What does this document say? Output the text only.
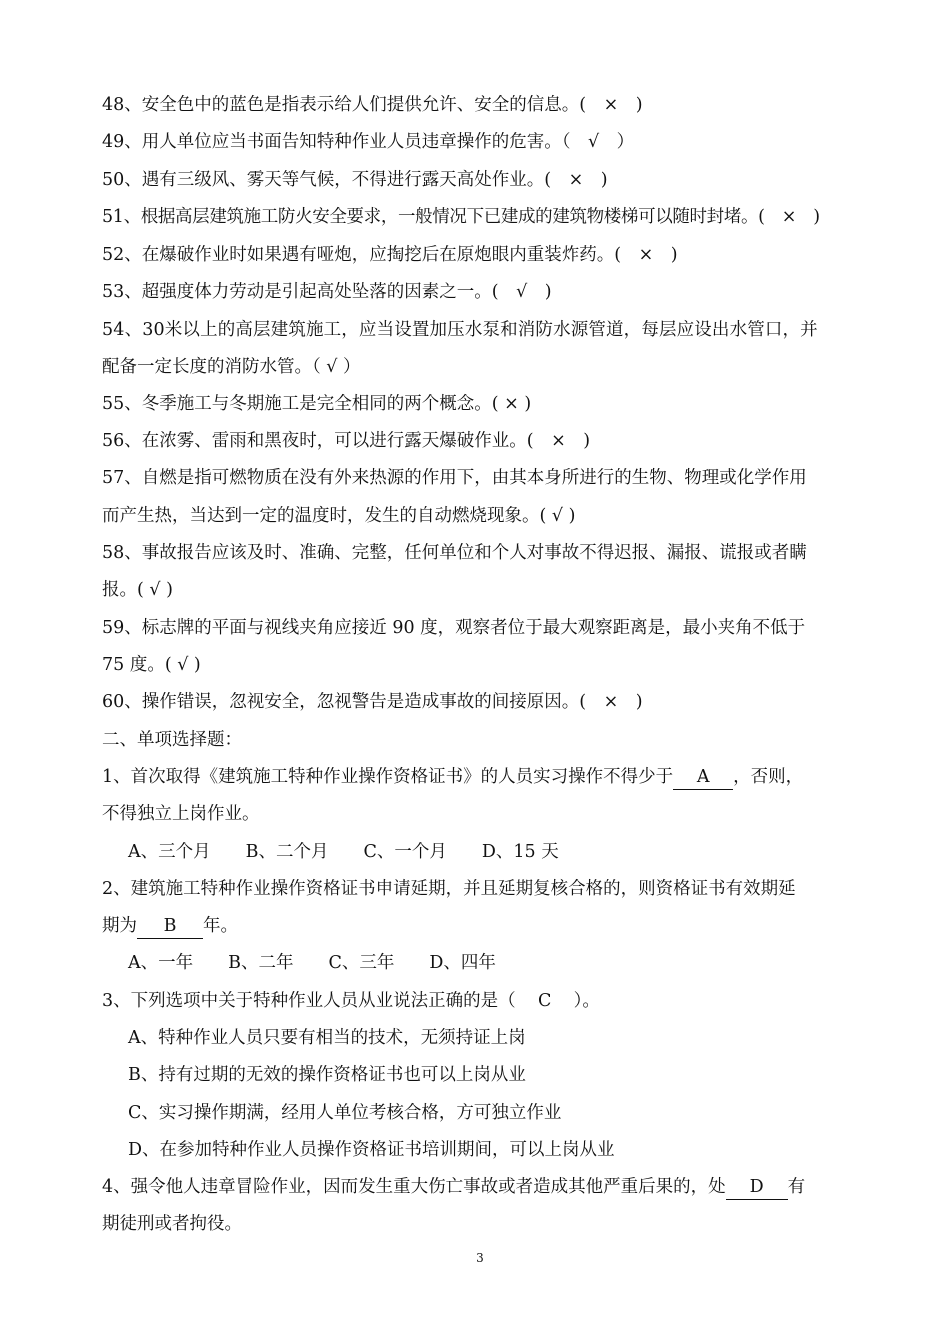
48、安全色中的蓝色是指表示给人们提供允许、安全的信息。(　×　)
49、用人单位应当书面告知特种作业人员违章操作的危害。（　√　）
50、遇有三级风、雾天等气候，不得进行露天高处作业。(　×　)
51、根据高层建筑施工防火安全要求，一般情况下已建成的建筑物楼梯可以随时封堵。(　×　)
52、在爆破作业时如果遇有哑炮，应掏挖后在原炮眼内重装炸药。(　×　)
53、超强度体力劳动是引起高处坠落的因素之一。(　√　)
54、30米以上的高层建筑施工，应当设置加压水泵和消防水源管道，每层应设出水管口，并
配备一定长度的消防水管。（ √ ）
55、冬季施工与冬期施工是完全相同的两个概念。( × )
56、在浓雾、雷雨和黑夜时，可以进行露天爆破作业。(　×　)
57、自燃是指可燃物质在没有外来热源的作用下，由其本身所进行的生物、物理或化学作用
而产生热，当达到一定的温度时，发生的自动燃烧现象。( √ )
58、事故报告应该及时、准确、完整，任何单位和个人对事故不得迟报、漏报、谎报或者瞒
报。( √ )
59、标志牌的平面与视线夹角应接近 90 度，观察者位于最大观察距离是，最小夹角不低于
75 度。( √ )
60、操作错误，忽视安全，忽视警告是造成事故的间接原因。(　×　)
二、单项选择题：
1、首次取得《建筑施工特种作业操作资格证书》的人员实习操作不得少于 A ，否则，
不得独立上岗作业。
A、三个月　　B、二个月　　C、一个月　　D、15 天
2、建筑施工特种作业操作资格证书申请延期，并且延期复核合格的，则资格证书有效期延
期为 B 年。
A、一年　　B、二年　　C、三年　　D、四年
3、下列选项中关于特种作业人员从业说法正确的是（ C ）。
A、特种作业人员只要有相当的技术，无须持证上岗
B、持有过期的无效的操作资格证书也可以上岗从业
C、实习操作期满，经用人单位考核合格，方可独立作业
D、在参加特种作业人员操作资格证书培训期间，可以上岗从业
4、强令他人违章冒险作业，因而发生重大伤亡事故或者造成其他严重后果的，处 D 有
期徒刑或者拘役。
3
